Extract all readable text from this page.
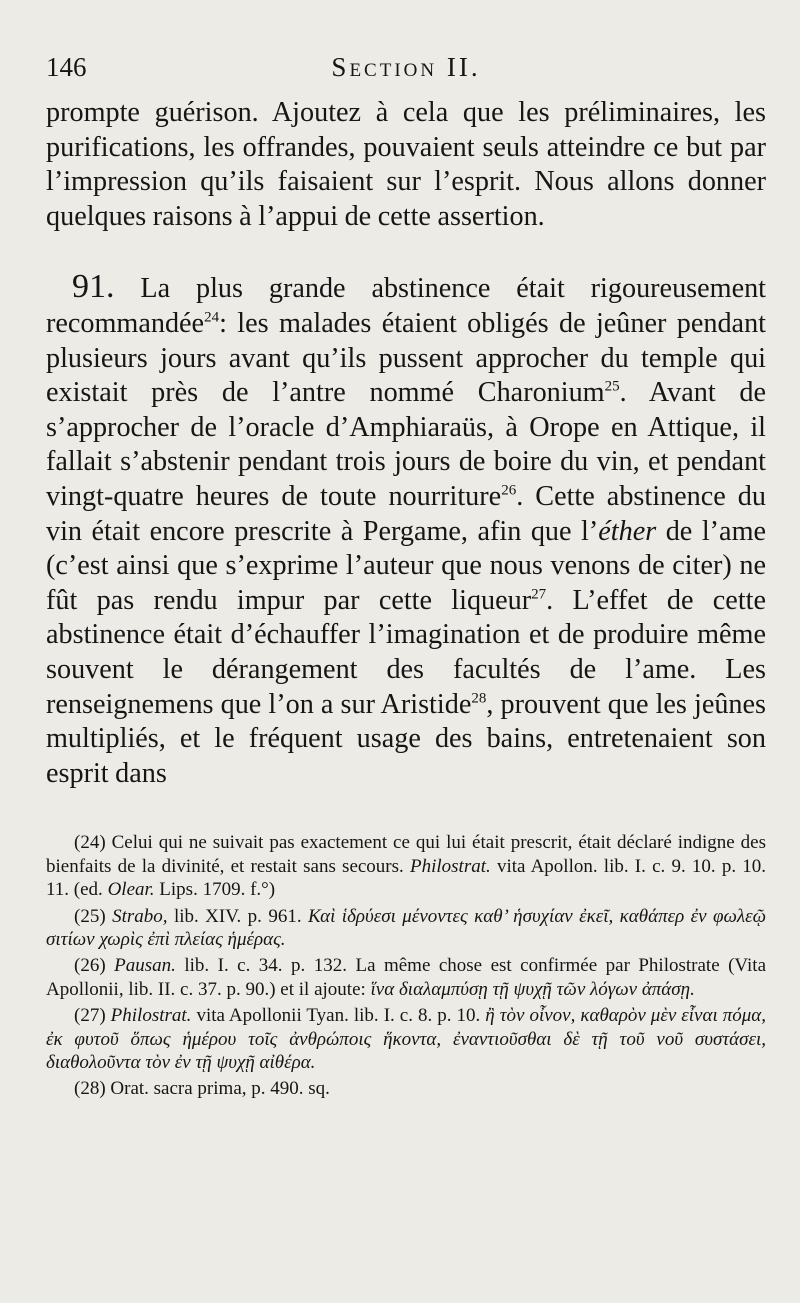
146	Section II.

prompte guérison. Ajoutez à cela que les préliminaires, les purifications, les offrandes, pouvaient seuls atteindre ce but par l’impression qu’ils faisaient sur l’esprit. Nous allons donner quelques raisons à l’appui de cette assertion.

91. La plus grande abstinence était rigoureusement recommandée$^{24}$: les malades étaient obligés de jeûner pendant plusieurs jours avant qu’ils pussent approcher du temple qui existait près de l’antre nommé Charonium$^{25}$. Avant de s’approcher de l’oracle d’Amphiaraüs, à Orope en Attique, il fallait s’abstenir pendant trois jours de boire du vin, et pendant vingt-quatre heures de toute nourriture$^{26}$. Cette abstinence du vin était encore prescrite à Pergame, afin que l’éther de l’ame (c’est ainsi que s’exprime l’auteur que nous venons de citer) ne fût pas rendu impur par cette liqueur$^{27}$. L’effet de cette abstinence était d’échauffer l’imagination et de produire même souvent le dérangement des facultés de l’ame. Les renseignemens que l’on a sur Aristide$^{28}$, prouvent que les jeûnes multipliés, et le fréquent usage des bains, entretenaient son esprit dans

(24) Celui qui ne suivait pas exactement ce qui lui était prescrit, était déclaré indigne des bienfaits de la divinité, et restait sans secours. Philostrat. vita Apollon. lib. I. c. 9. 10. p. 10. 11. (ed. Olear. Lips. 1709. f.°)

(25) Strabo, lib. XIV. p. 961. Καὶ ἱδρύεσι μένοντες καθ’ ἡσυχίαν ἐκεῖ, καθάπερ ἐν φωλεῷ σιτίων χωρὶς ἐπὶ πλείας ἡμέρας.

(26) Pausan. lib. I. c. 34. p. 132. La même chose est confirmée par Philostrate (Vita Apollonii, lib. II. c. 37. p. 90.) et il ajoute: ἵνα διαλαμπύσῃ τῇ ψυχῇ τῶν λόγων ἀπάσῃ.

(27) Philostrat. vita Apollonii Tyan. lib. I. c. 8. p. 10. ἢ τὸν οἶνον, καθαρὸν μὲν εἶναι πόμα, ἐκ φυτοῦ ὅπως ἡμέρου τοῖς ἀνθρώποις ἥκοντα, ἐναντιοῦσθαι δὲ τῇ τοῦ νοῦ συστάσει, διαθολοῦντα τὸν ἐν τῇ ψυχῇ αἰθέρα.

(28) Orat. sacra prima, p. 490. sq.
